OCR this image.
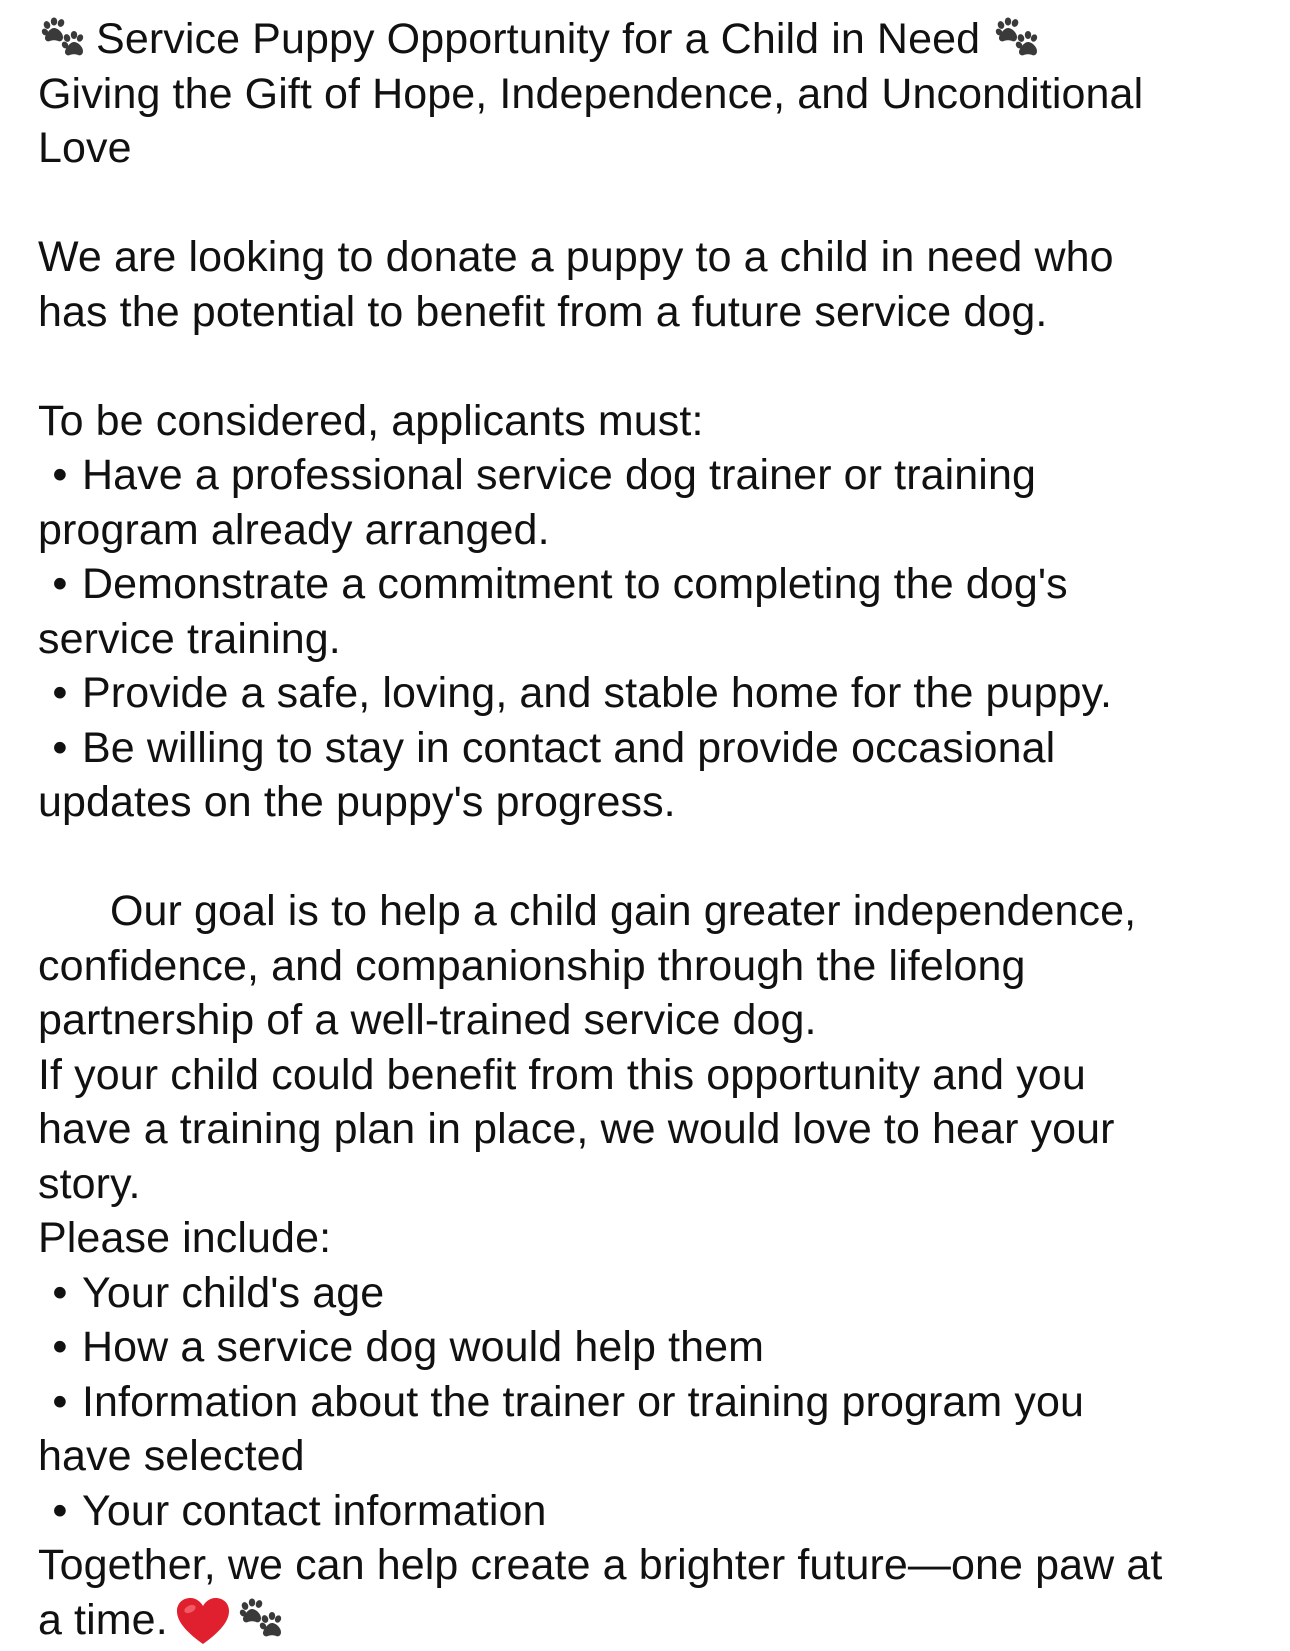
Service Puppy Opportunity for a Child in Need
Giving the Gift of Hope, Independence, and Unconditional
Love
We are looking to donate a puppy to a child in need who
has the potential to benefit from a future service dog.
To be considered, applicants must:
• Have a professional service dog trainer or training
program already arranged.
• Demonstrate a commitment to completing the dog's
service training.
• Provide a safe, loving, and stable home for the puppy.
• Be willing to stay in contact and provide occasional
updates on the puppy's progress.
Our goal is to help a child gain greater independence,
confidence, and companionship through the lifelong
partnership of a well-trained service dog.
If your child could benefit from this opportunity and you
have a training plan in place, we would love to hear your
story.
Please include:
• Your child's age
• How a service dog would help them
• Information about the trainer or training program you
have selected
• Your contact information
Together, we can help create a brighter future—one paw at
a time.
